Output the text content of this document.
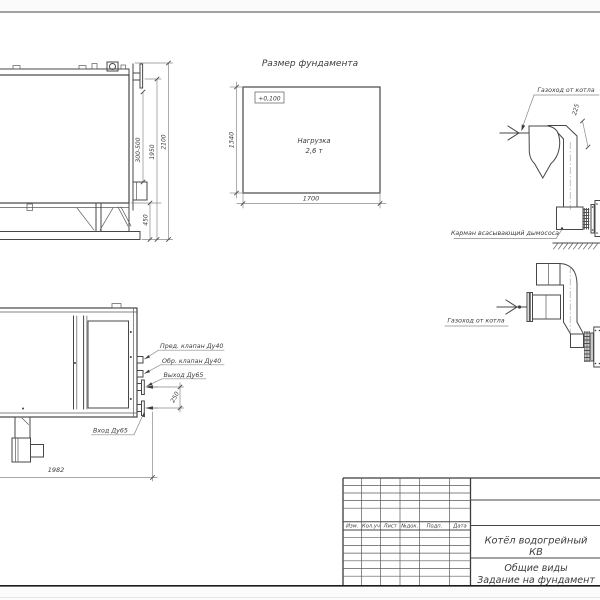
300-500 1950
2100
450
Размер фундамента
+0,100
Нагрузка
2,6 т
1700
1340
Газоход от котла
225
Карман всасывающий дымососа
Газоход от котла
250
Пред. клапан Ду40
Обр. клапан Ду40
Выход Ду65
Вход Ду65
1982
Изм. Кол.уч Лист №док. Подп. Дата
Котёл водогрейный
КВ
Общие виды
Задание на фундамент
